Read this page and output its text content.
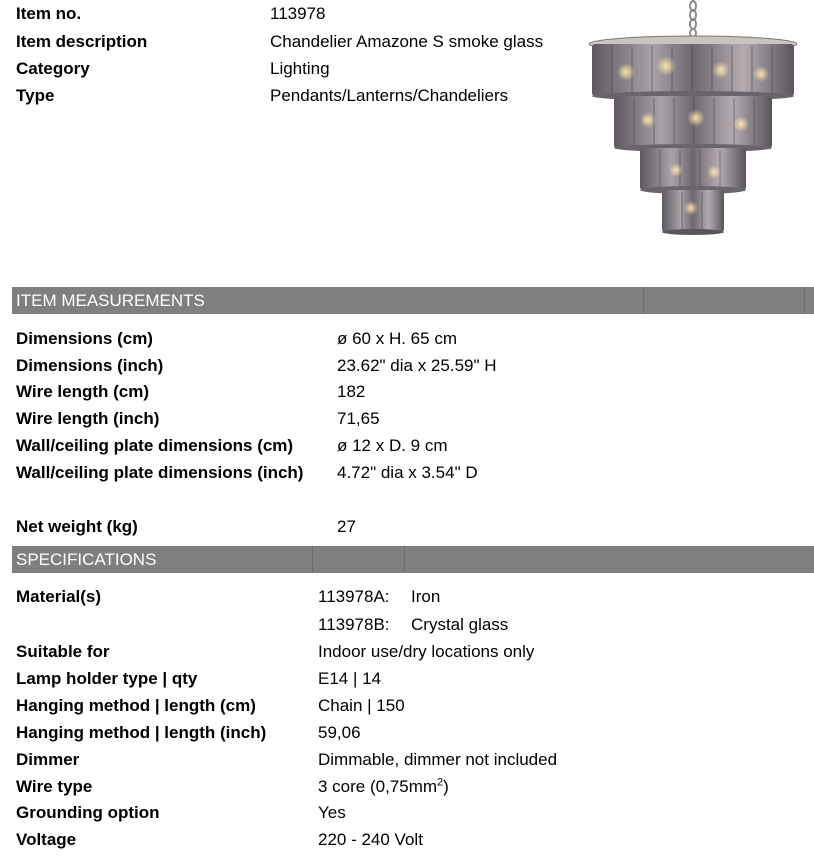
Item no.	113978
Item description	Chandelier Amazone S smoke glass
Category	Lighting
Type	Pendants/Lanterns/Chandeliers
ITEM MEASUREMENTS
Dimensions (cm)	ø 60 x H. 65 cm
Dimensions (inch)	23.62" dia x 25.59" H
Wire length (cm)	182
Wire length (inch)	71,65
Wall/ceiling plate dimensions (cm)	ø 12 x D. 9 cm
Wall/ceiling plate dimensions (inch) 4.72" dia x 3.54" D
Net weight (kg)	27
SPECIFICATIONS
Material(s)	113978A: Iron
113978B: Crystal glass
Suitable for	Indoor use/dry locations only
Lamp holder type | qty	E14 | 14
Hanging method | length (cm)	Chain | 150
Hanging method | length (inch)	59,06
Dimmer	Dimmable, dimmer not included
Wire type	3 core $(0,75mm^2)$
Grounding option	Yes
Voltage	220 - 240 Volt
